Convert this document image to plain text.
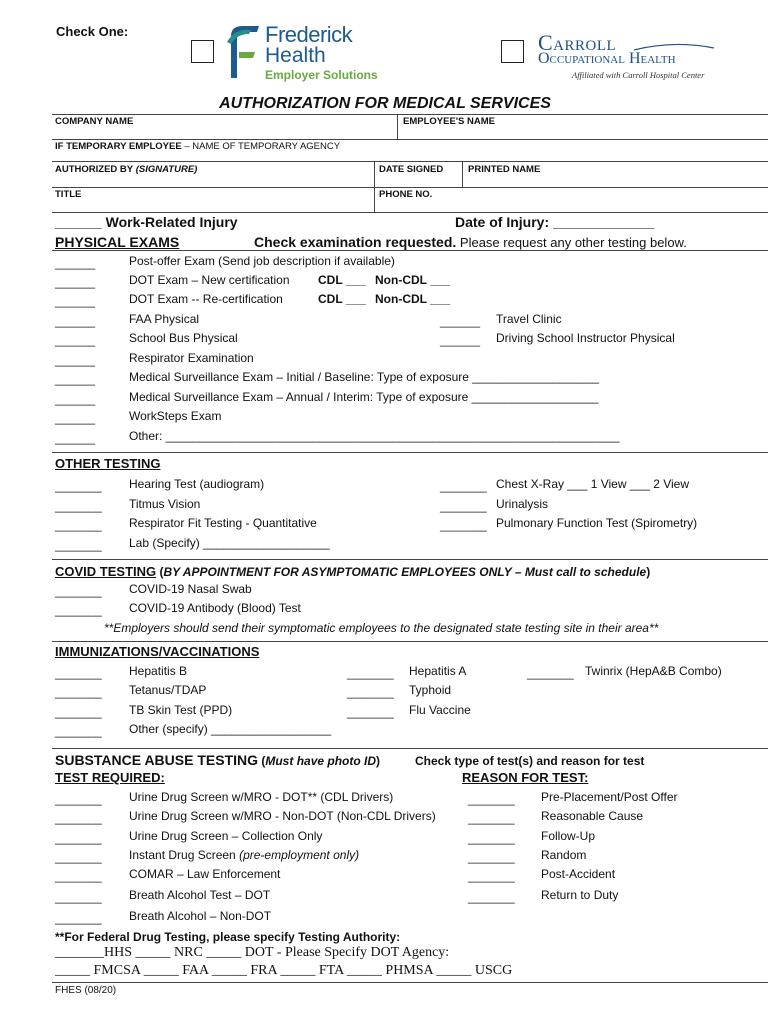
Check One:	Frederick
Health
Employer Solutions
Carroll
Occupational Health
Affiliated with Carroll Hospital Center
AUTHORIZATION FOR MEDICAL SERVICES
COMPANY NAME	EMPLOYEE'S NAME
IF TEMPORARY EMPLOYEE – NAME OF TEMPORARY AGENCY
AUTHORIZED BY (SIGNATURE)	DATE SIGNED	PRINTED NAME
TITLE	PHONE NO.
______ Work-Related Injury	Date of Injury: _____________
PHYSICAL EXAMS	Check examination requested. Please request any other testing below.
______	Post-offer Exam (Send job description if available)
______	DOT Exam – New certification CDL ___ Non-CDL ___
______	DOT Exam -- Re-certification	CDL ___ Non-CDL ___
______	FAA Physical	______ Travel Clinic
______	School Bus Physical	______ Driving School Instructor Physical
______	Respirator Examination
______	Medical Surveillance Exam – Initial / Baseline: Type of exposure ___________________
______	Medical Surveillance Exam – Annual / Interim: Type of exposure ___________________
______	WorkSteps Exam
______	Other: ____________________________________________________________________
OTHER TESTING
_______ Hearing Test (audiogram)	_______ Chest X-Ray ___ 1 View ___ 2 View
_______ Titmus Vision	_______ Urinalysis
_______ Respirator Fit Testing - Quantitative	_______ Pulmonary Function Test (Spirometry)
_______ Lab (Specify) ___________________
COVID TESTING (BY APPOINTMENT FOR ASYMPTOMATIC EMPLOYEES ONLY – Must call to schedule)
_______ COVID-19 Nasal Swab
_______ COVID-19 Antibody (Blood) Test
**Employers should send their symptomatic employees to the designated state testing site in their area**
IMMUNIZATIONS/VACCINATIONS
_______ Hepatitis B	_______ Hepatitis A	_______ Twinrix (HepA&B Combo)
_______ Tetanus/TDAP	_______ Typhoid
_______ TB Skin Test (PPD)	_______ Flu Vaccine
_______ Other (specify) __________________
SUBSTANCE ABUSE TESTING (Must have photo ID)	Check type of test(s) and reason for test
TEST REQUIRED:	REASON FOR TEST:
_______ Urine Drug Screen w/MRO - DOT** (CDL Drivers)	_______ Pre-Placement/Post Offer
_______ Urine Drug Screen w/MRO - Non-DOT (Non-CDL Drivers)	_______ Reasonable Cause
_______ Urine Drug Screen – Collection Only	_______ Follow-Up
_______ Instant Drug Screen (pre-employment only)	_______ Random
_______ COMAR – Law Enforcement	_______ Post-Accident
_______ Breath Alcohol Test – DOT	_______ Return to Duty
_______ Breath Alcohol – Non-DOT
**For Federal Drug Testing, please specify Testing Authority:
_______HHS _____ NRC _____ DOT - Please Specify DOT Agency:
_____ FMCSA _____ FAA _____ FRA _____ FTA _____ PHMSA _____ USCG
FHES (08/20)
